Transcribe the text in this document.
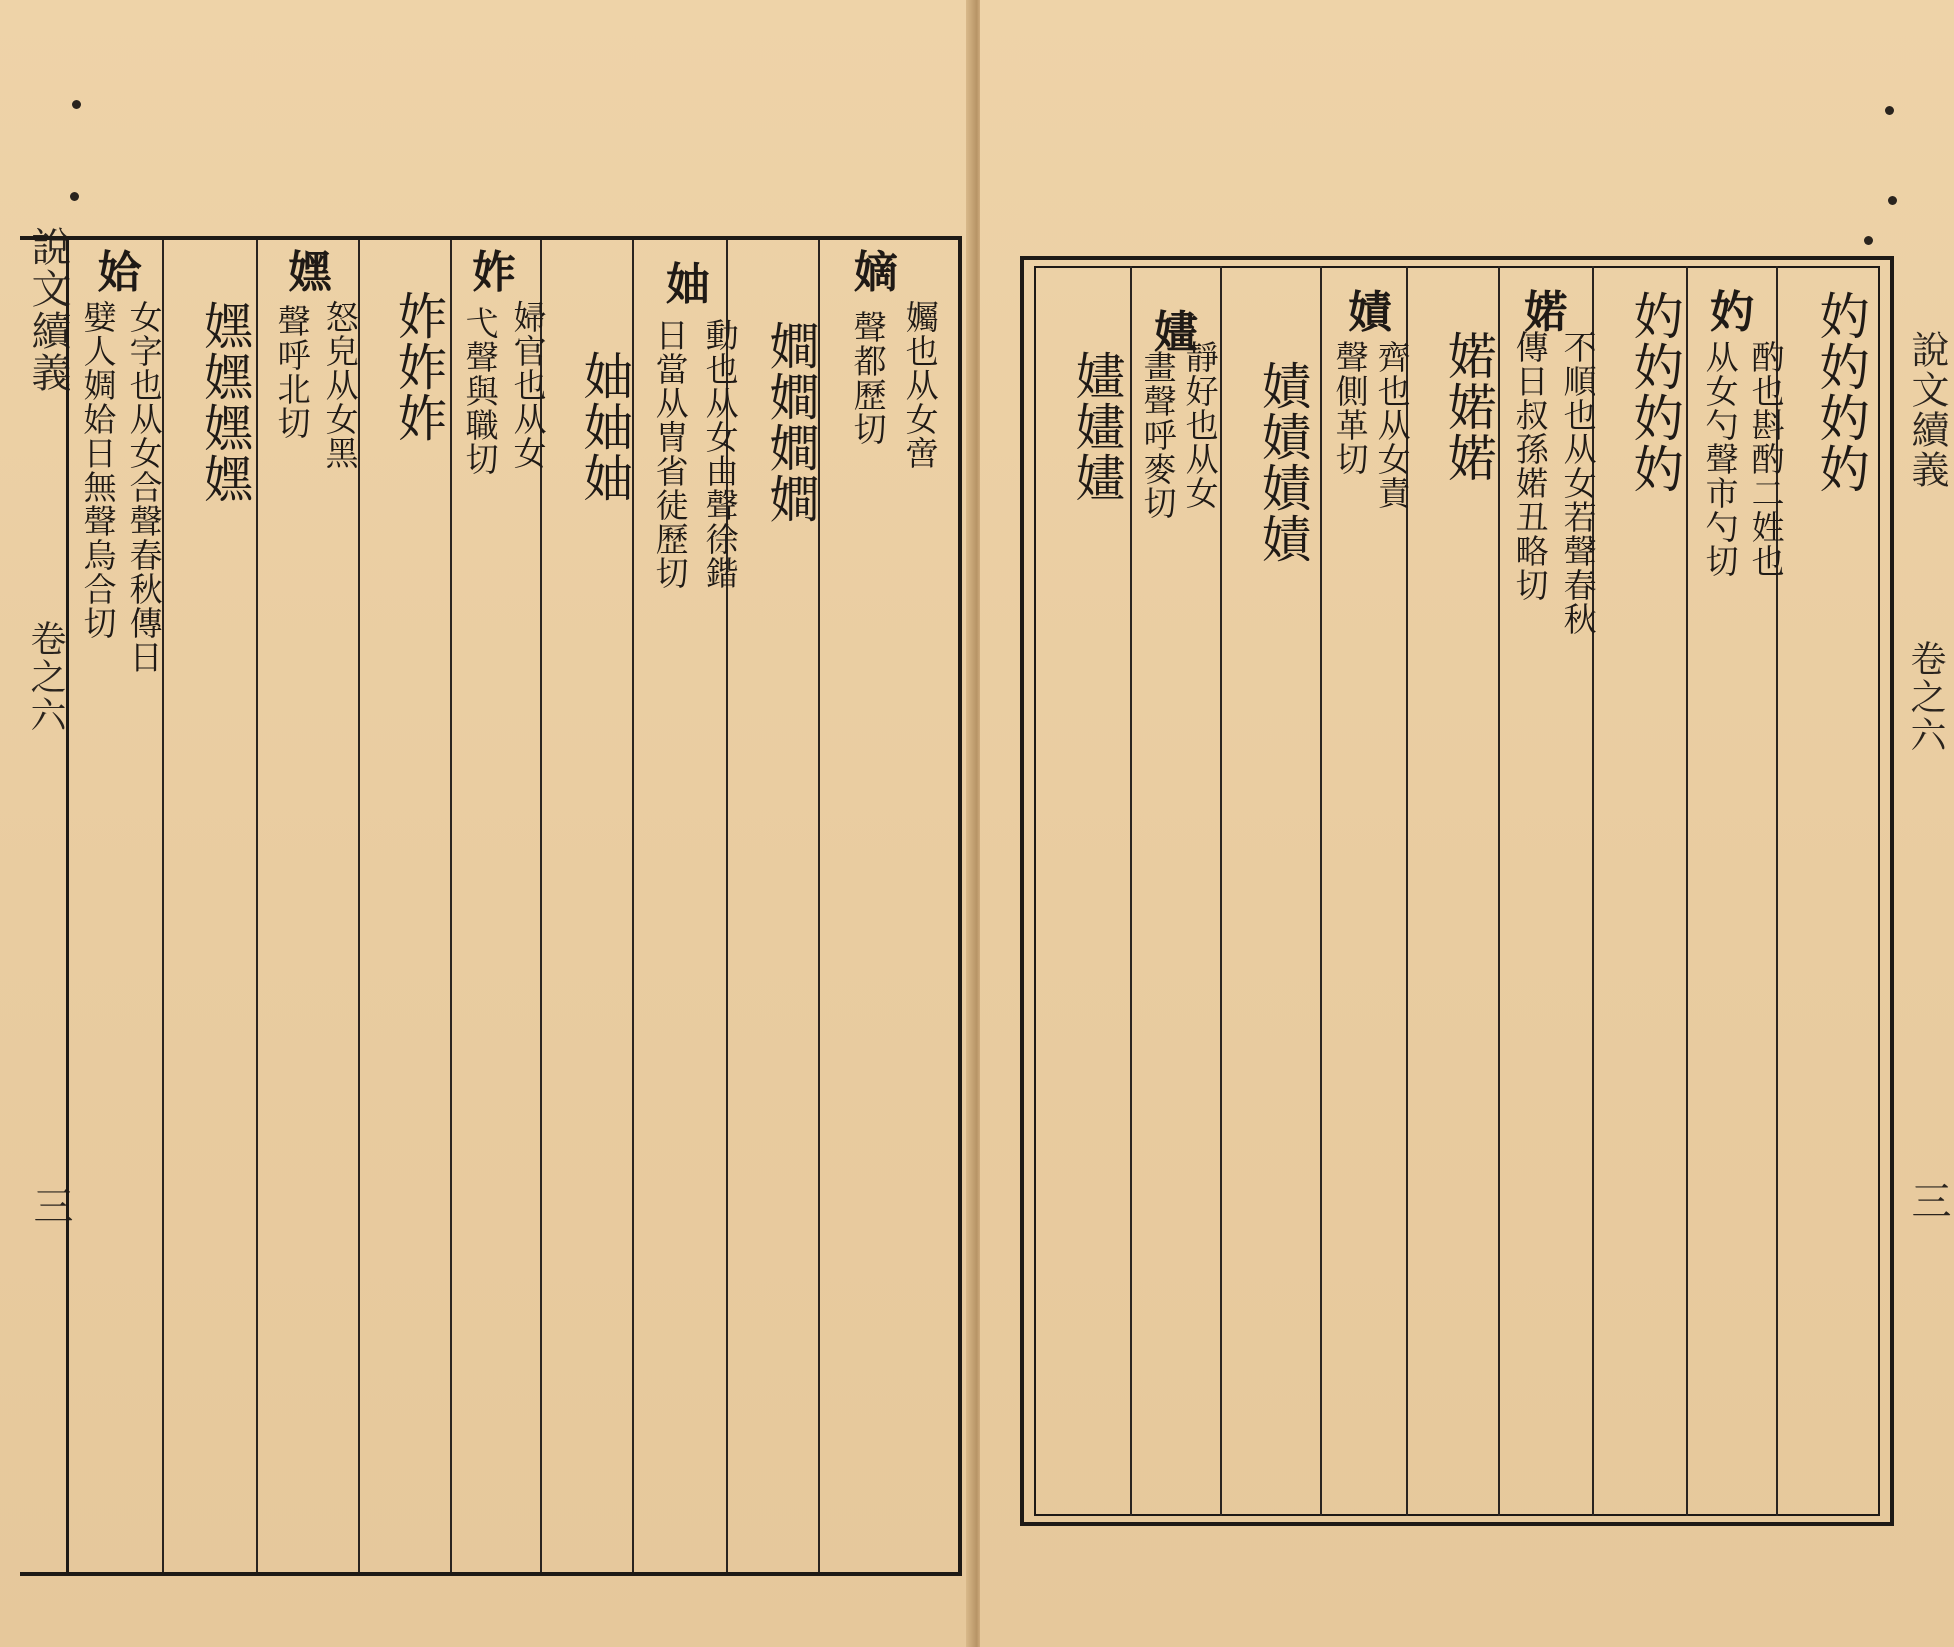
說文續義
卷之六
三
嫡
孎也从女啻
聲都歷切
𡢃𡢃𡢃𡢃
妯
動也从女由聲徐鍇
日當从冑省徒歷切
妯妯妯
妰
婦官也从女
弋聲與職切
妰妰妰
嫼
怒皃从女黑
聲呼北切
嫼嫼嫼嫼
姶
女字也从女合聲春秋傳日
嬖人婤姶日無聲烏合切	說文續義
卷之六
三
妁妁妁妁
妁
酌也斟酌二姓也
从女勺聲市勺切
妁妁妁妁
婼
不順也从女若聲春秋
傳日叔孫婼丑略切
婼婼婼
嫧
齊也从女責
聲側革切
嫧嫧嫧嫧
嫿
靜好也从女
畫聲呼麥切
嫿嫿嫿
